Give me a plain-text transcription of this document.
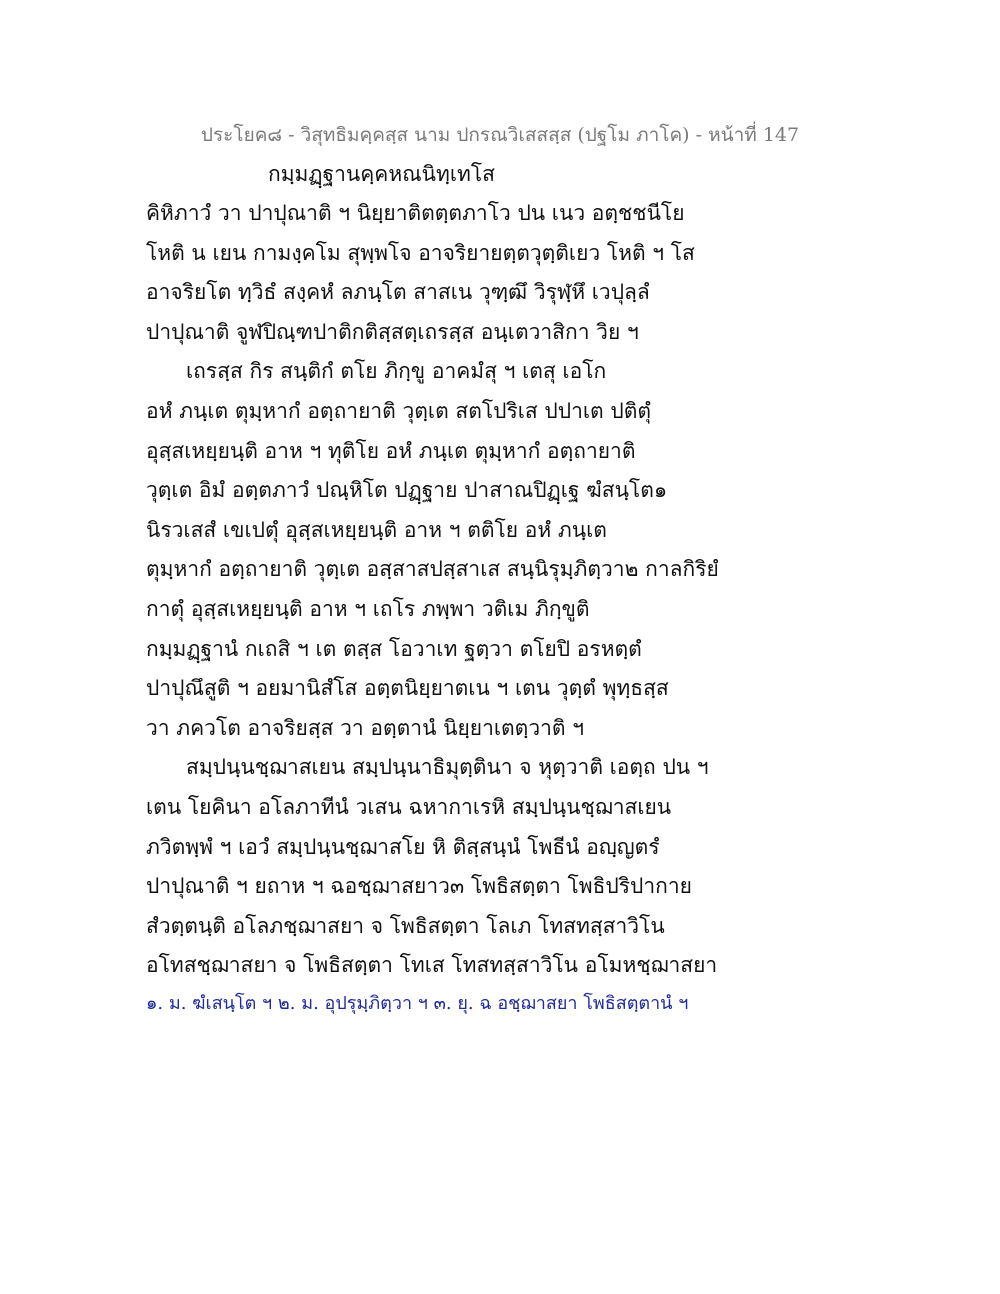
ประโยค๘ - วิสุทธิมคฺคสฺส นาม ปกรณวิเสสสฺส (ปฐโม ภาโค) - หน้าที่ 147
กมฺมฏฺฐานคฺคหณนิทฺเทโส
คิหิภาวํ วา ปาปุณาติ ฯ นิยฺยาติตตฺตภาโว ปน เนว อตฺชชนีโย
โหติ น เยน กามงฺคโม สุพฺพโจ อาจริยายตฺตวุตฺติเยว โหติ ฯ โส
อาจริยโต ทฺวิธํ สงฺคหํ ลภนฺโต สาสเน วุฑฺฒึ วิรุฬฺหึ เวปุลฺลํ
ปาปุณาติ จูฬปิณฺฑปาติกติสฺสตฺเถรสฺส อนฺเตวาสิกา วิย ฯ
เถรสฺส กิร สนฺติกํ ตโย ภิกฺขู อาคมํสุ ฯ เตสุ เอโก
อหํ ภนฺเต ตุมฺหากํ อตฺถายาติ วุตฺเต สตโปริเส ปปาเต ปติตุํ
อุสฺสเหยฺยนฺติ อาห ฯ ทุติโย อหํ ภนฺเต ตุมฺหากํ อตฺถายาติ
วุตฺเต อิมํ อตฺตภาวํ ปณฺหิโต ปฏฺฐาย ปาสาณปิฏฺเฐ ฆํสนฺโต๑
นิรวเสสํ เขเปตุํ อุสฺสเหยฺยนฺติ อาห ฯ ตติโย อหํ ภนฺเต
ตุมฺหากํ อตฺถายาติ วุตฺเต อสฺสาสปสฺสาเส สนฺนิรุมฺภิตฺวา๒ กาลกิริยํ
กาตุํ อุสฺสเหยฺยนฺติ อาห ฯ เถโร ภพฺพา วติเม ภิกฺขูติ
กมฺมฏฺฐานํ กเถสิ ฯ เต ตสฺส โอวาเท ฐตฺวา ตโยปิ อรหตฺตํ
ปาปุณึสูติ ฯ อยมานิสํโส อตฺตนิยฺยาตเน ฯ เตน วุตฺตํ พุทฺธสฺส
วา ภควโต อาจริยสฺส วา อตฺตานํ นิยฺยาเตตฺวาติ ฯ
สมฺปนฺนชฺฌาสเยน สมฺปนฺนาธิมุตฺตินา จ หุตฺวาติ เอตฺถ ปน ฯ
เตน โยคินา อโลภาทีนํ วเสน ฉหากาเรหิ สมฺปนฺนชฺฌาสเยน
ภวิตพฺพํ ฯ เอวํ สมฺปนฺนชฺฌาสโย หิ ติสฺสนฺนํ โพธีนํ อญฺญตรํ
ปาปุณาติ ฯ ยถาห ฯ ฉอชฺฌาสยาว๓ โพธิสตฺตา โพธิปริปากาย
สํวตฺตนฺติ อโลภชฺฌาสยา จ โพธิสตฺตา โลเภ โทสทสฺสาวิโน
อโทสชฺฌาสยา จ โพธิสตฺตา โทเส โทสทสฺสาวิโน อโมหชฺฌาสยา
๑. ม. ฆํเสนฺโต ฯ ๒. ม. อุปรุมฺภิตฺวา ฯ ๓. ยุ. ฉ อชฺฌาสยา โพธิสตฺตานํ ฯ
